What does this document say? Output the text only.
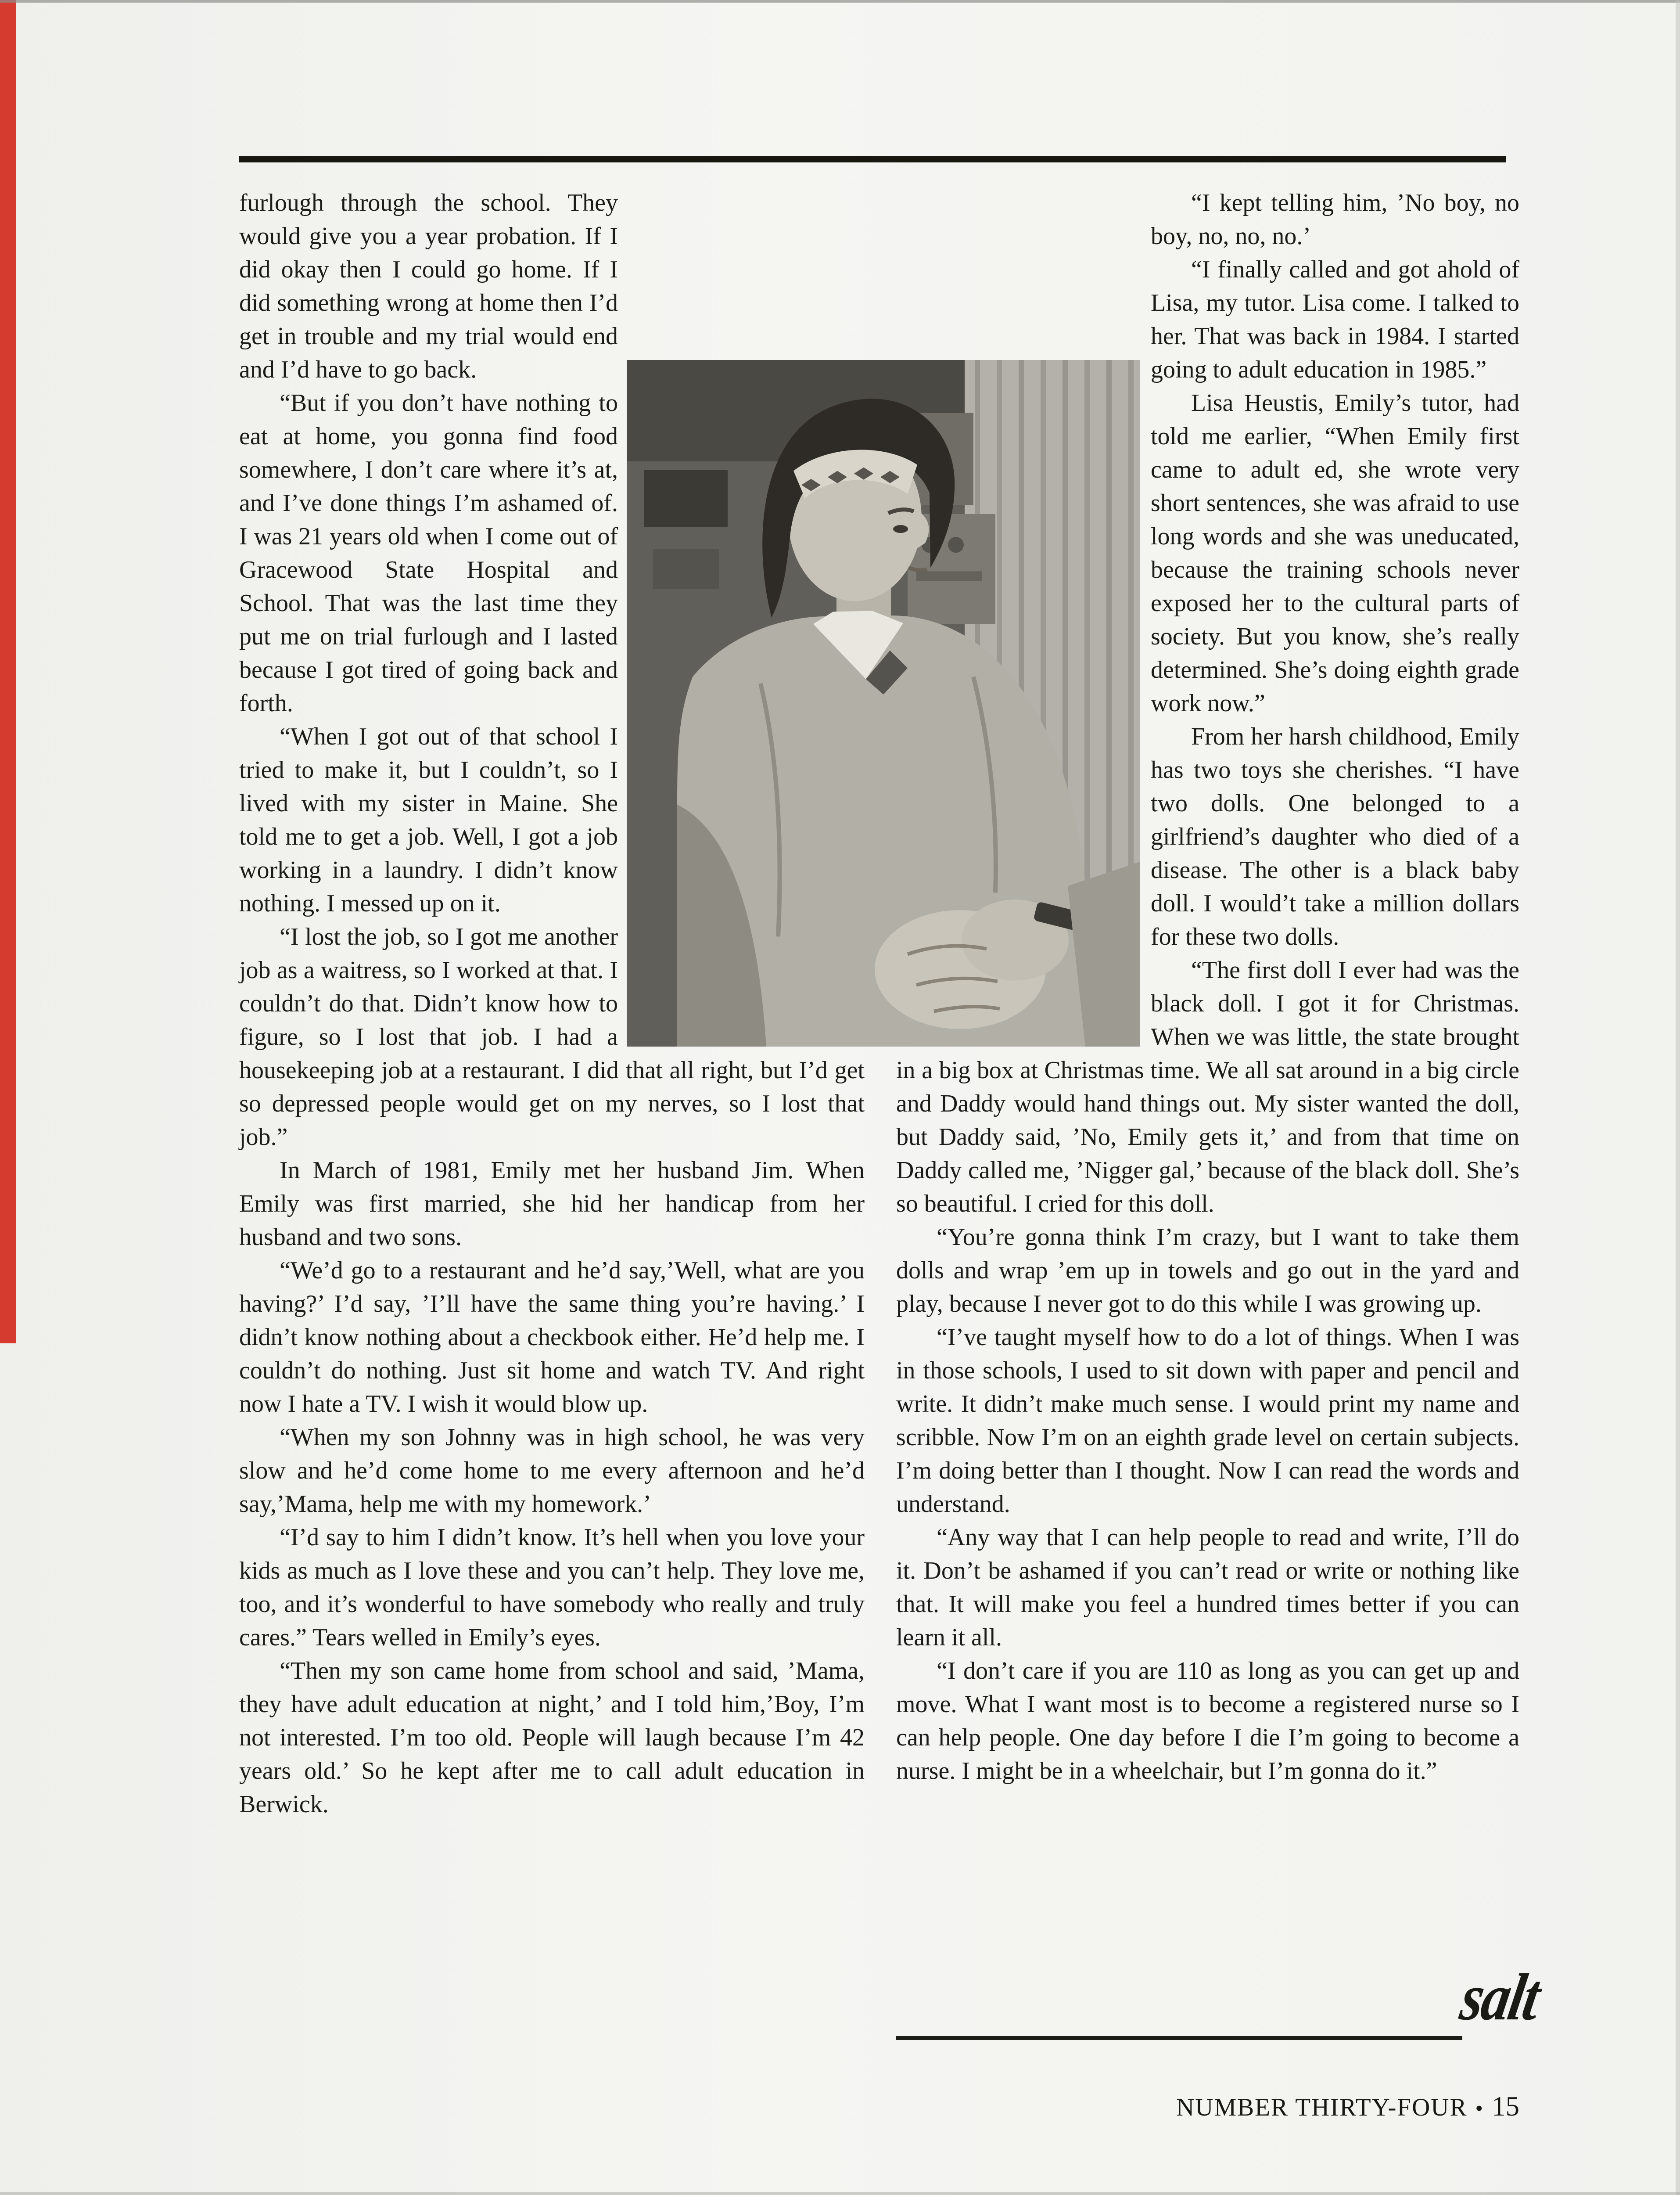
furlough through the school. They would give you a year probation. If I did okay then I could go home. If I did something wrong at home then I’d get in trouble and my trial would end and I’d have to go back.

“But if you don’t have nothing to eat at home, you gonna find food somewhere, I don’t care where it’s at, and I’ve done things I’m ashamed of. I was 21 years old when I come out of Gracewood State Hospital and School. That was the last time they put me on trial furlough and I lasted because I got tired of going back and forth.

“When I got out of that school I tried to make it, but I couldn’t, so I lived with my sister in Maine. She told me to get a job. Well, I got a job working in a laundry. I didn’t know nothing. I messed up on it.

“I lost the job, so I got me another job as a waitress, so I worked at that. I couldn’t do that. Didn’t know how to figure, so I lost that job. I had a housekeeping job at a restaurant. I did that all right, but I’d get so depressed people would get on my nerves, so I lost that job.”

In March of 1981, Emily met her husband Jim. When Emily was first married, she hid her handicap from her husband and two sons.

“We’d go to a restaurant and he’d say,’Well, what are you having?’ I’d say, ’I’ll have the same thing you’re having.’ I didn’t know nothing about a checkbook either. He’d help me. I couldn’t do nothing. Just sit home and watch TV. And right now I hate a TV. I wish it would blow up.

“When my son Johnny was in high school, he was very slow and he’d come home to me every afternoon and he’d say,’Mama, help me with my homework.’

“I’d say to him I didn’t know. It’s hell when you love your kids as much as I love these and you can’t help. They love me, too, and it’s wonderful to have somebody who really and truly cares.” Tears welled in Emily’s eyes.

“Then my son came home from school and said, ’Mama, they have adult education at night,’ and I told him,’Boy, I’m not interested. I’m too old. People will laugh because I’m 42 years old.’ So he kept after me to call adult education in Berwick.

“I kept telling him, ’No boy, no boy, no, no, no.’

“I finally called and got ahold of Lisa, my tutor. Lisa come. I talked to her. That was back in 1984. I started going to adult education in 1985.”

Lisa Heustis, Emily’s tutor, had told me earlier, “When Emily first came to adult ed, she wrote very short sentences, she was afraid to use long words and she was uneducated, because the training schools never exposed her to the cultural parts of society. But you know, she’s really determined. She’s doing eighth grade work now.”

From her harsh childhood, Emily has two toys she cherishes. “I have two dolls. One belonged to a girlfriend’s daughter who died of a disease. The other is a black baby doll. I would’t take a million dollars for these two dolls.

“The first doll I ever had was the black doll. I got it for Christmas. When we was little, the state brought in a big box at Christmas time. We all sat around in a big circle and Daddy would hand things out. My sister wanted the doll, but Daddy said, ’No, Emily gets it,’ and from that time on Daddy called me, ’Nigger gal,’ because of the black doll. She’s so beautiful. I cried for this doll.

“You’re gonna think I’m crazy, but I want to take them dolls and wrap ’em up in towels and go out in the yard and play, because I never got to do this while I was growing up.

“I’ve taught myself how to do a lot of things. When I was in those schools, I used to sit down with paper and pencil and write. It didn’t make much sense. I would print my name and scribble. Now I’m on an eighth grade level on certain subjects. I’m doing better than I thought. Now I can read the words and understand.

“Any way that I can help people to read and write, I’ll do it. Don’t be ashamed if you can’t read or write or nothing like that. It will make you feel a hundred times better if you can learn it all.

“I don’t care if you are 110 as long as you can get up and move. What I want most is to become a registered nurse so I can help people. One day before I die I’m going to become a nurse. I might be in a wheelchair, but I’m gonna do it.”

salt
NUMBER THIRTY-FOUR • 15
